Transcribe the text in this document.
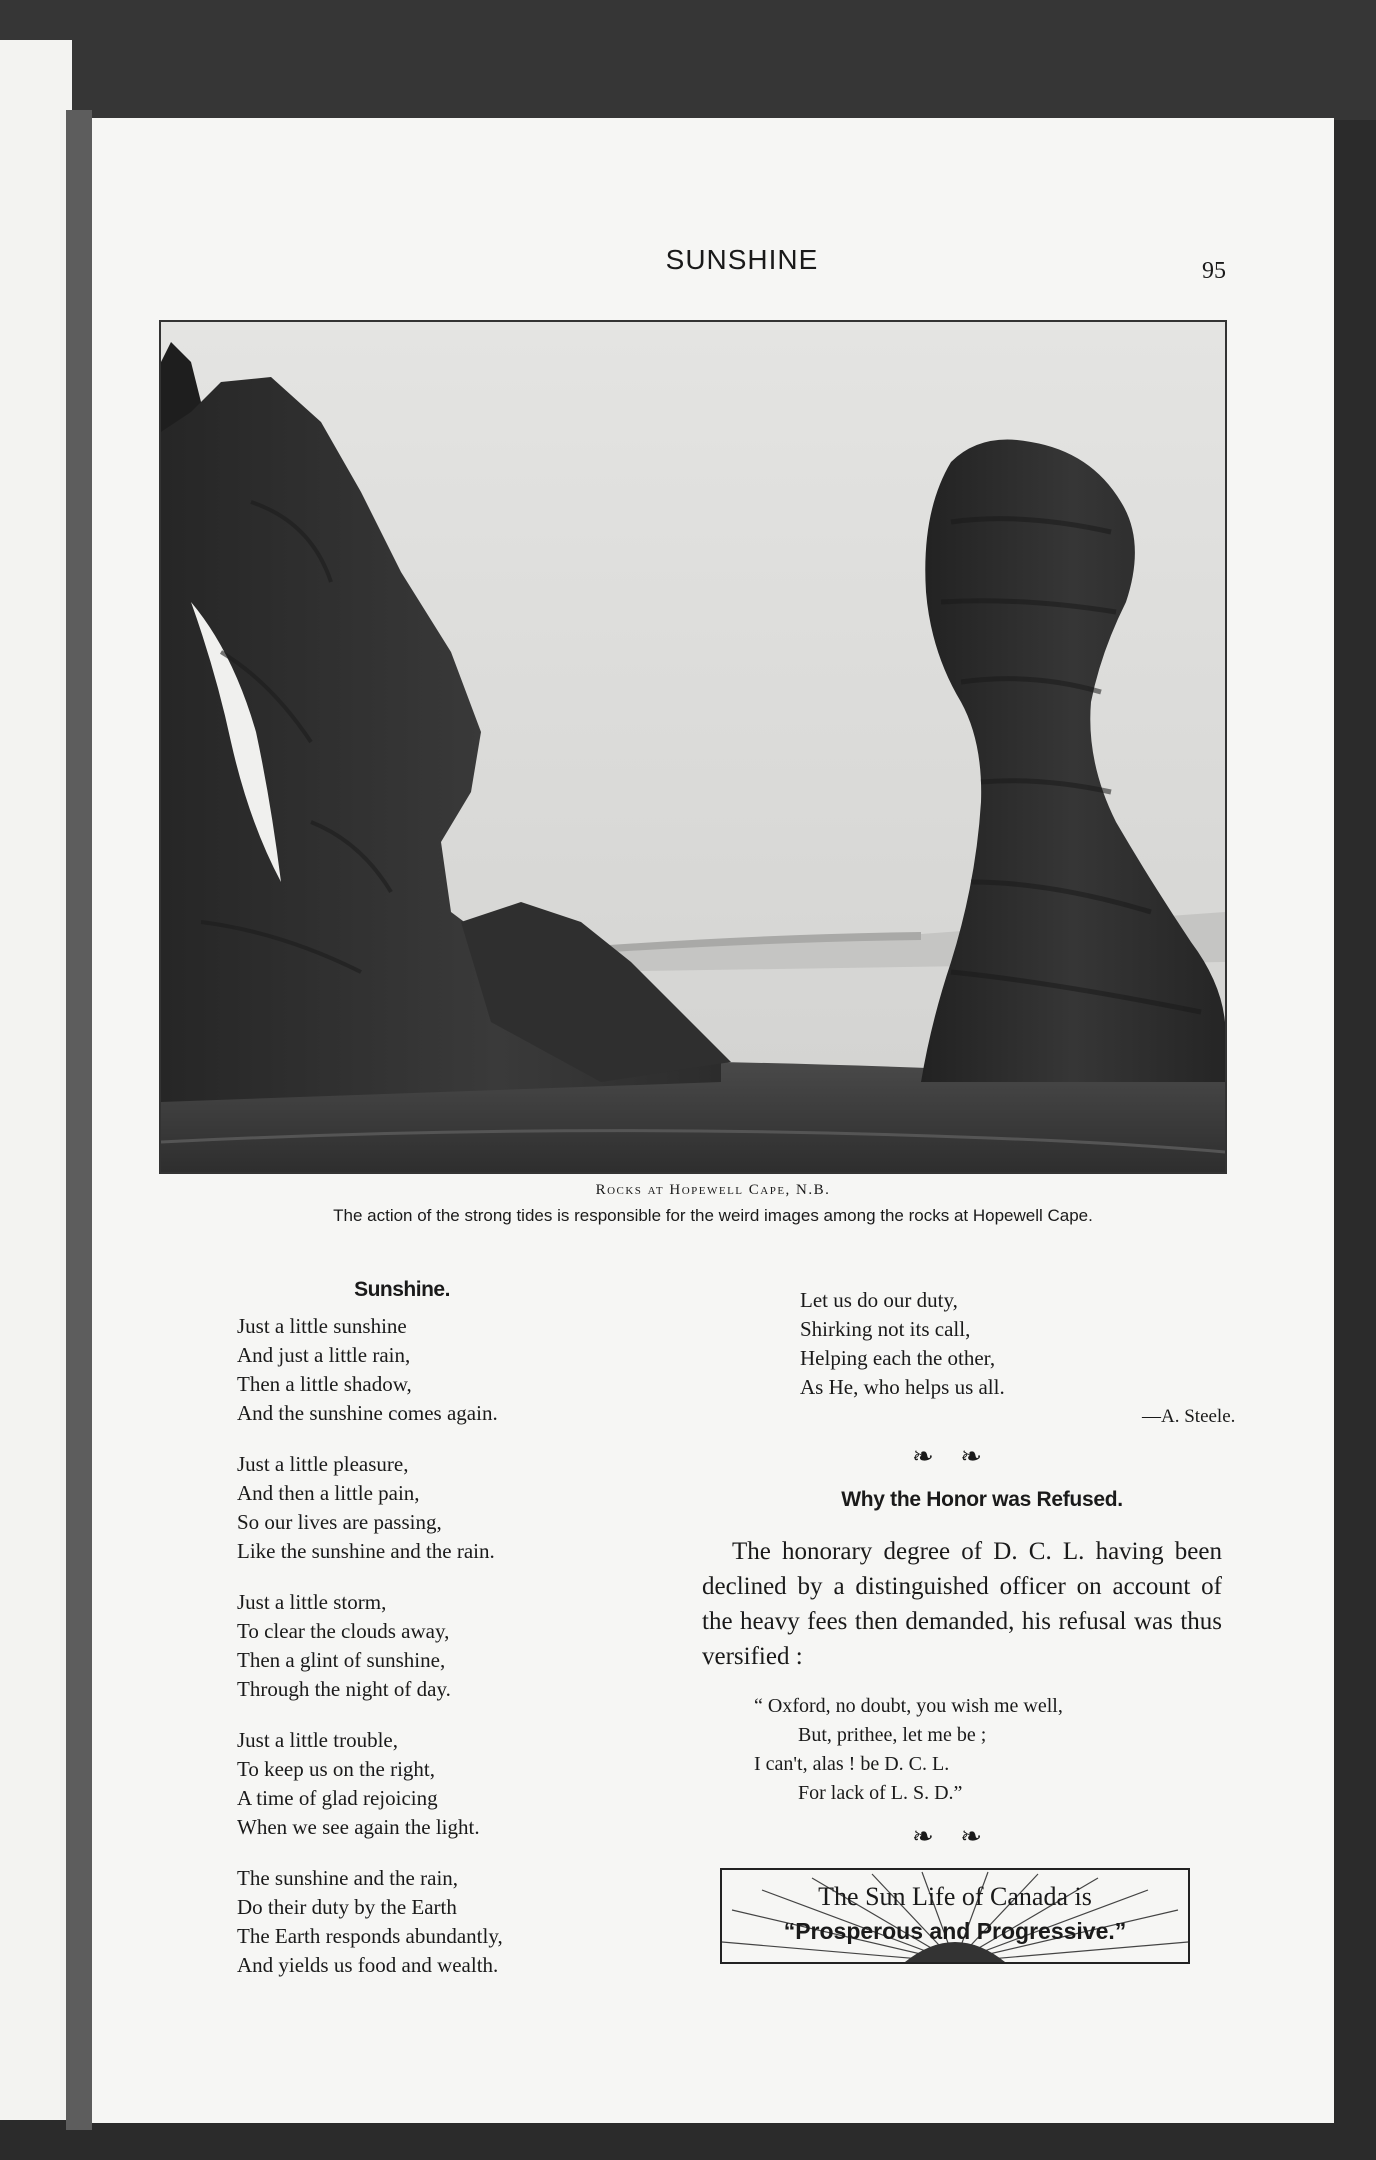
SUNSHINE	95
Rocks at Hopewell Cape, N.B.
The action of the strong tides is responsible for the weird images among the rocks at Hopewell Cape.
Sunshine.
Just a little sunshine
And just a little rain,
Then a little shadow,
And the sunshine comes again.
Just a little pleasure,
And then a little pain,
So our lives are passing,
Like the sunshine and the rain.
Just a little storm,
To clear the clouds away,
Then a glint of sunshine,
Through the night of day.
Just a little trouble,
To keep us on the right,
A time of glad rejoicing
When we see again the light.
The sunshine and the rain,
Do their duty by the Earth
The Earth responds abundantly,
And yields us food and wealth.
Let us do our duty,
Shirking not its call,
Helping each the other,
As He, who helps us all.
—A. Steele.
❧ ❧
Why the Honor was Refused.
The honorary degree of D. C. L. having been declined by a distinguished officer on account of the heavy fees then demanded, his refusal was thus versified :
“ Oxford, no doubt, you wish me well,
But, prithee, let me be ;
I can't, alas ! be D. C. L.
For lack of L. S. D.”
❧ ❧
The Sun Life of Canada is
“Prosperous and Progressive.”
